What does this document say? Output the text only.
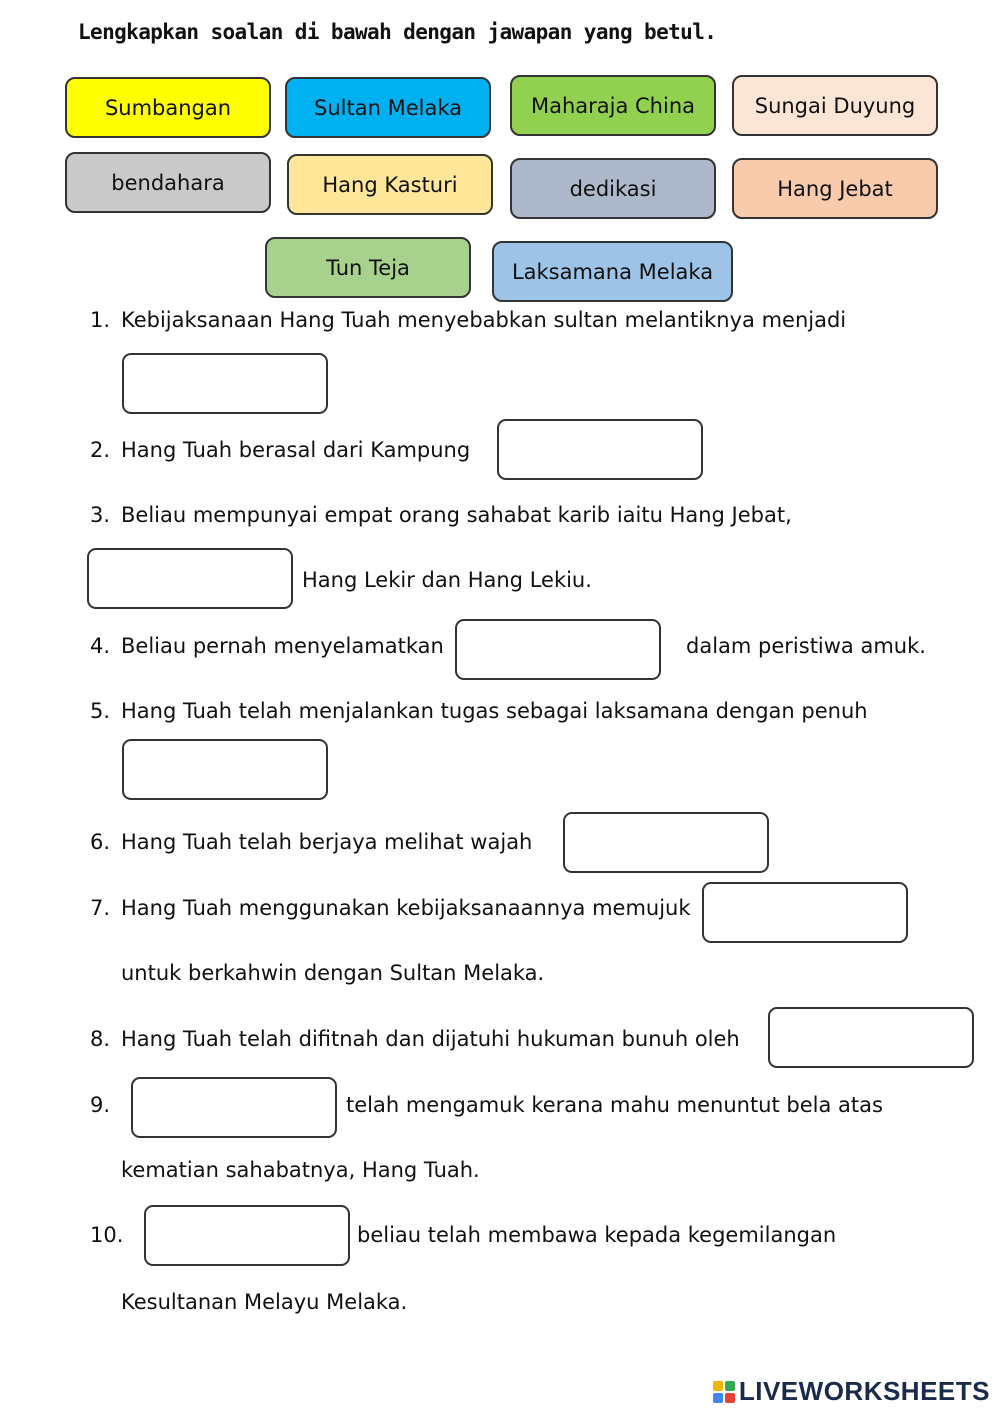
Lengkapkan soalan di bawah dengan jawapan yang betul.
Sumbangan	Sultan Melaka	Maharaja China	Sungai Duyung
bendahara	Hang Kasturi	dedikasi	Hang Jebat
Tun Teja	Laksamana Melaka
1. Kebijaksanaan Hang Tuah menyebabkan sultan melantiknya menjadi
2. Hang Tuah berasal dari Kampung
3. Beliau mempunyai empat orang sahabat karib iaitu Hang Jebat,
Hang Lekir dan Hang Lekiu.
4. Beliau pernah menyelamatkan	dalam peristiwa amuk.
5. Hang Tuah telah menjalankan tugas sebagai laksamana dengan penuh
6. Hang Tuah telah berjaya melihat wajah
7. Hang Tuah menggunakan kebijaksanaannya memujuk
untuk berkahwin dengan Sultan Melaka.
8. Hang Tuah telah difitnah dan dijatuhi hukuman bunuh oleh
9.	telah mengamuk kerana mahu menuntut bela atas
kematian sahabatnya, Hang Tuah.
10.	beliau telah membawa kepada kegemilangan
Kesultanan Melayu Melaka.
LIVEWORKSHEETS
